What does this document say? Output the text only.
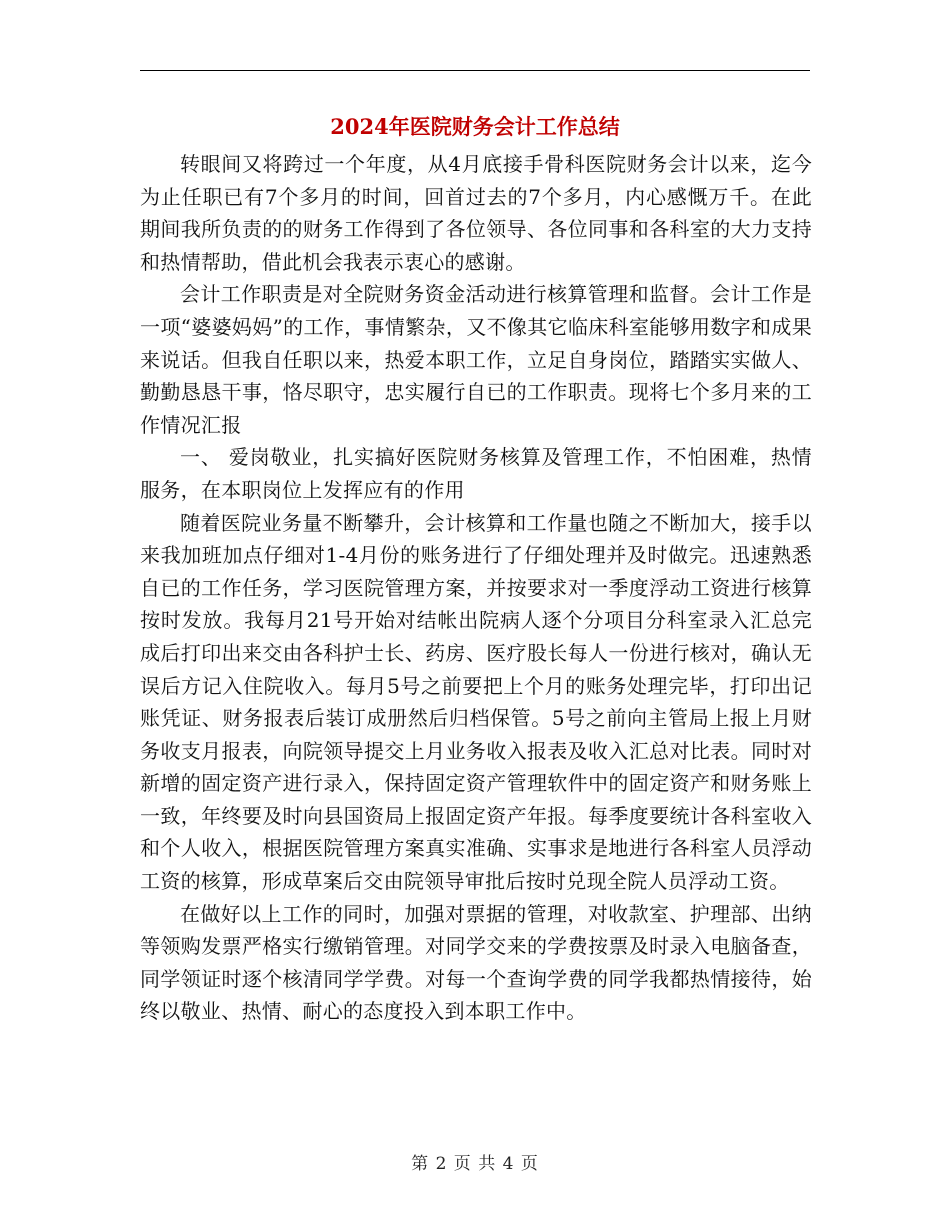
2024年医院财务会计工作总结

转眼间又将跨过一个年度，从4月底接手骨科医院财务会计以来，迄今为止任职已有7个多月的时间，回首过去的7个多月，内心感慨万千。在此期间我所负责的的财务工作得到了各位领导、各位同事和各科室的大力支持和热情帮助，借此机会我表示衷心的感谢。

会计工作职责是对全院财务资金活动进行核算管理和监督。会计工作是一项“婆婆妈妈”的工作，事情繁杂，又不像其它临床科室能够用数字和成果来说话。但我自任职以来，热爱本职工作，立足自身岗位，踏踏实实做人、勤勤恳恳干事，恪尽职守，忠实履行自已的工作职责。现将七个多月来的工作情况汇报

一、 爱岗敬业，扎实搞好医院财务核算及管理工作，不怕困难，热情服务，在本职岗位上发挥应有的作用

随着医院业务量不断攀升，会计核算和工作量也随之不断加大，接手以来我加班加点仔细对1-4月份的账务进行了仔细处理并及时做完。迅速熟悉自已的工作任务，学习医院管理方案，并按要求对一季度浮动工资进行核算按时发放。我每月21号开始对结帐出院病人逐个分项目分科室录入汇总完成后打印出来交由各科护士长、药房、医疗股长每人一份进行核对，确认无误后方记入住院收入。每月5号之前要把上个月的账务处理完毕，打印出记账凭证、财务报表后装订成册然后归档保管。5号之前向主管局上报上月财务收支月报表，向院领导提交上月业务收入报表及收入汇总对比表。同时对新增的固定资产进行录入，保持固定资产管理软件中的固定资产和财务账上一致，年终要及时向县国资局上报固定资产年报。每季度要统计各科室收入和个人收入，根据医院管理方案真实准确、实事求是地进行各科室人员浮动工资的核算，形成草案后交由院领导审批后按时兑现全院人员浮动工资。

在做好以上工作的同时，加强对票据的管理，对收款室、护理部、出纳等领购发票严格实行缴销管理。对同学交来的学费按票及时录入电脑备查，同学领证时逐个核清同学学费。对每一个查询学费的同学我都热情接待，始终以敬业、热情、耐心的态度投入到本职工作中。

第 2 页 共 4 页
